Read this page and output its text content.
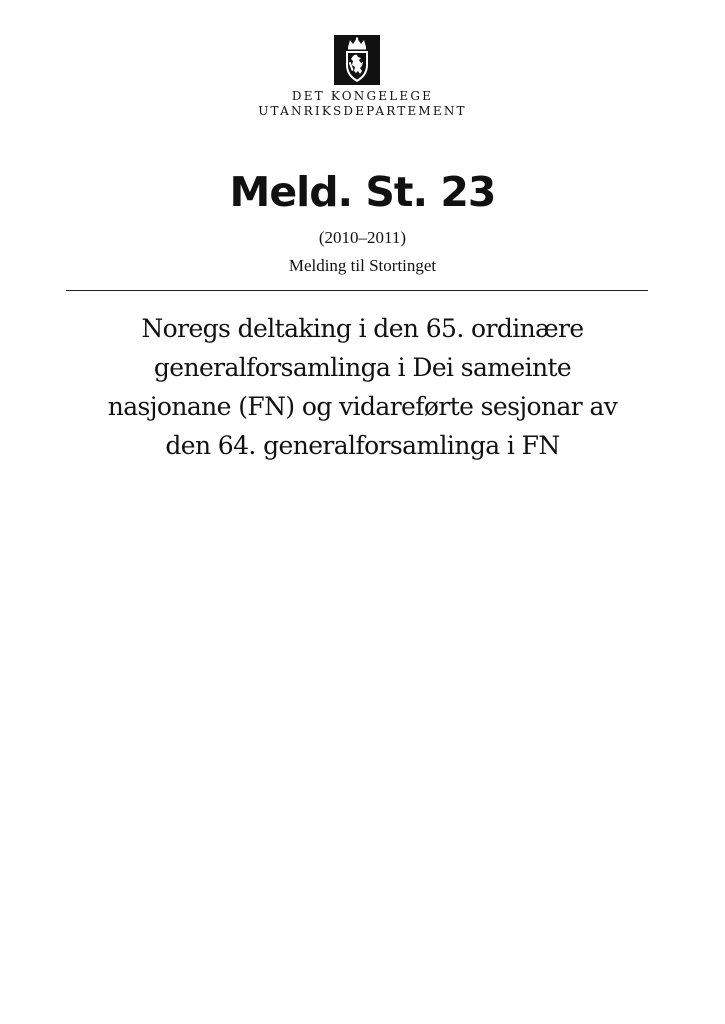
DET KONGELEGE
UTANRIKSDEPARTEMENT
Meld. St. 23
(2010–2011)
Melding til Stortinget
Noregs deltaking i den 65. ordinære
generalforsamlinga i Dei sameinte
nasjonane (FN) og vidareførte sesjonar av
den 64. generalforsamlinga i FN
